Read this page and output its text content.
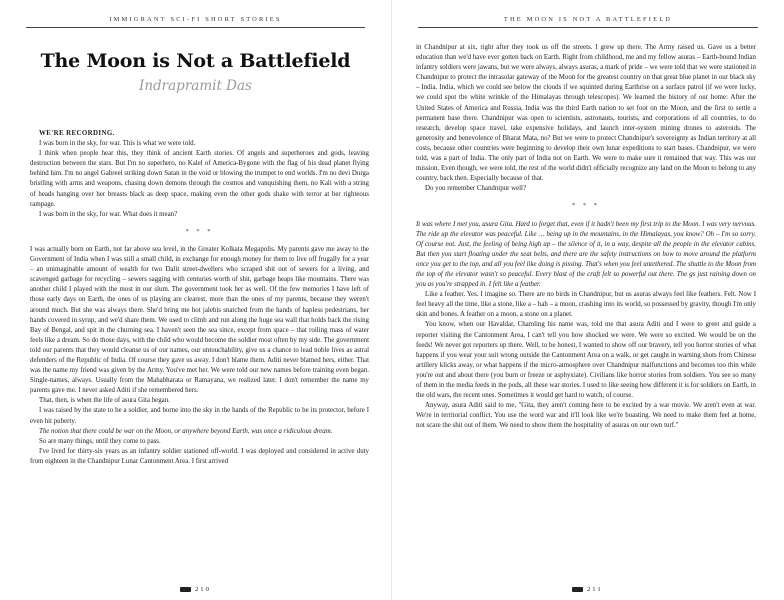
IMMIGRANT SCI-FI SHORT STORIES
The Moon is Not a Battlefield
Indrapramit Das

WE'RE RECORDING.

I was born in the sky, for war. This is what we were told.

I think when people hear this, they think of ancient Earth stories. Of angels and superheroes and gods, leaving destruction between the stars. But I'm no superhero, no Kalel of America-Bygone with the flag of his dead planet flying behind him. I'm no angel Gabreel striking down Satan in the void or blowing the trumpet to end worlds. I'm no devi Durga bristling with arms and weapons, chasing down demons through the cosmos and vanquishing them, no Kali with a string of heads hanging over her breasts black as deep space, making even the other gods shake with terror at her righteous rampage.

I was born in the sky, for war. What does it mean?

* * *

I was actually born on Earth, not far above sea level, in the Greater Kolkata Megapolis. My parents gave me away to the Government of India when I was still a small child, in exchange for enough money for them to live off frugally for a year – an unimaginable amount of wealth for two Dalit street-dwellers who scraped shit out of sewers for a living, and scavenged garbage for recycling – sewers sagging with centuries worth of shit, garbage heaps like mountains. There was another child I played with the most in our slum. The government took her as well. Of the few memories I have left of those early days on Earth, the ones of us playing are clearest, more than the ones of my parents, because they weren't around much. But she was always there. She'd bring me hot jalebis snatched from the hands of hapless pedestrians, her hands covered in syrup, and we'd share them. We used to climb and run along the huge sea wall that holds back the rising Bay of Bengal, and spit in the churning sea. I haven't seen the sea since, except from space – that roiling mass of water feels like a dream. So do those days, with the child who would become the soldier most often by my side. The government told our parents that they would cleanse us of our names, our untouchability, give us a chance to lead noble lives as astral defenders of the Republic of India. Of course they gave us away. I don't blame them. Aditi never blamed hers, either. That was the name my friend was given by the Army. You've met her. We were told our new names before training even began. Single-names, always. Usually from the Mahabharata or Ramayana, we realized later. I don't remember the name my parents gave me. I never asked Aditi if she remembered hers.

That, then, is when the life of asura Gita began.

I was raised by the state to be a soldier, and borne into the sky in the hands of the Republic to be its protector, before I even hit puberty.

The notion that there could be war on the Moon, or anywhere beyond Earth, was once a ridiculous dream.

So are many things, until they come to pass.

I've lived for thirty-six years as an infantry soldier stationed off-world. I was deployed and considered in active duty from eighteen in the Chandnipur Lunar Cantonment Area. I first arrived

210
THE MOON IS NOT A BATTLEFIELD

in Chandnipur at six, right after they took us off the streets. I grew up there. The Army raised us. Gave us a better education than we'd have ever gotten back on Earth. Right from childhood, me and my fellow asuras – Earth-bound Indian infantry soldiers were jawans, but we were always, always asuras, a mark of pride – we were told that we were stationed in Chandnipur to protect the intrasolar gateway of the Moon for the greatest country on that great blue planet in our black sky – India. India, which we could see below the clouds if we squinted during Earthrise on a surface patrol (if we were lucky, we could spot the white wrinkle of the Himalayas through telescopes). We learned the history of our home: After the United States of America and Russia, India was the third Earth nation to set foot on the Moon, and the first to settle a permanent base there. Chandnipur was open to scientists, astronauts, tourists, and corporations of all countries, to do research, develop space travel, take expensive holidays, and launch inter-system mining drones to asteroids. The generosity and benevolence of Bharat Mata, no? But we were to protect Chandnipur's sovereignty as Indian territory at all costs, because other countries were beginning to develop their own lunar expeditions to start bases. Chandnipur, we were told, was a part of India. The only part of India not on Earth. We were to make sure it remained that way. This was our mission. Even though, we were told, the rest of the world didn't officially recognize any land on the Moon to belong to any country, back then. Especially because of that.

Do you remember Chandnipur well?

* * *

It was where I met you, asura Gita. Hard to forget that, even if it hadn't been my first trip to the Moon. I was very nervous. The ride up the elevator was peaceful. Like … being up in the mountains, in the Himalayas, you know? Oh – I'm so sorry. Of course not. Just, the feeling of being high up – the silence of it, in a way, despite all the people in the elevator cabins. But then you start floating under the seat belts, and there are the safety instructions on how to move around the platform once you get to the top, and all you feel like doing is pissing. That's when you feel untethered. The shuttle to the Moon from the top of the elevator wasn't so peaceful. Every blast of the craft felt so powerful out there. The gs just raining down on you as you're strapped in. I felt like a feather.

Like a feather. Yes. I imagine so. There are no birds in Chandnipur, but us asuras always feel like feathers. Felt. Now I feel heavy all the time, like a stone, like a – hah – a moon, crashing into its world, so possessed by gravity, though I'm only skin and bones. A feather on a moon, a stone on a planet.

You know, when our Havaldar, Chamling his name was, told me that asura Aditi and I were to greet and guide a reporter visiting the Cantonment Area, I can't tell you how shocked we were. We were so excited. We would be on the feeds! We never got reporters up there. Well, to be honest, I wanted to show off our bravery, tell you horror stories of what happens if you wear your suit wrong outside the Cantonment Area on a walk, or get caught in warning shots from Chinese artillery klicks away, or what happens if the micro-atmosphere over Chandnipur malfunctions and becomes too thin while you're out and about there (you burn or freeze or asphyxiate). Civilians like horror stories from soldiers. You see so many of them in the media feeds in the pods, all these war stories. I used to like seeing how different it is for soldiers on Earth, in the old wars, the recent ones. Sometimes it would get hard to watch, of course.

Anyway, asura Aditi said to me, "Gita, they aren't coming here to be excited by a war movie. We aren't even at war. We're in territorial conflict. You use the word war and it'll look like we're boasting. We need to make them feel at home, not scare the shit out of them. We need to show them the hospitality of asuras on our own turf."

211
